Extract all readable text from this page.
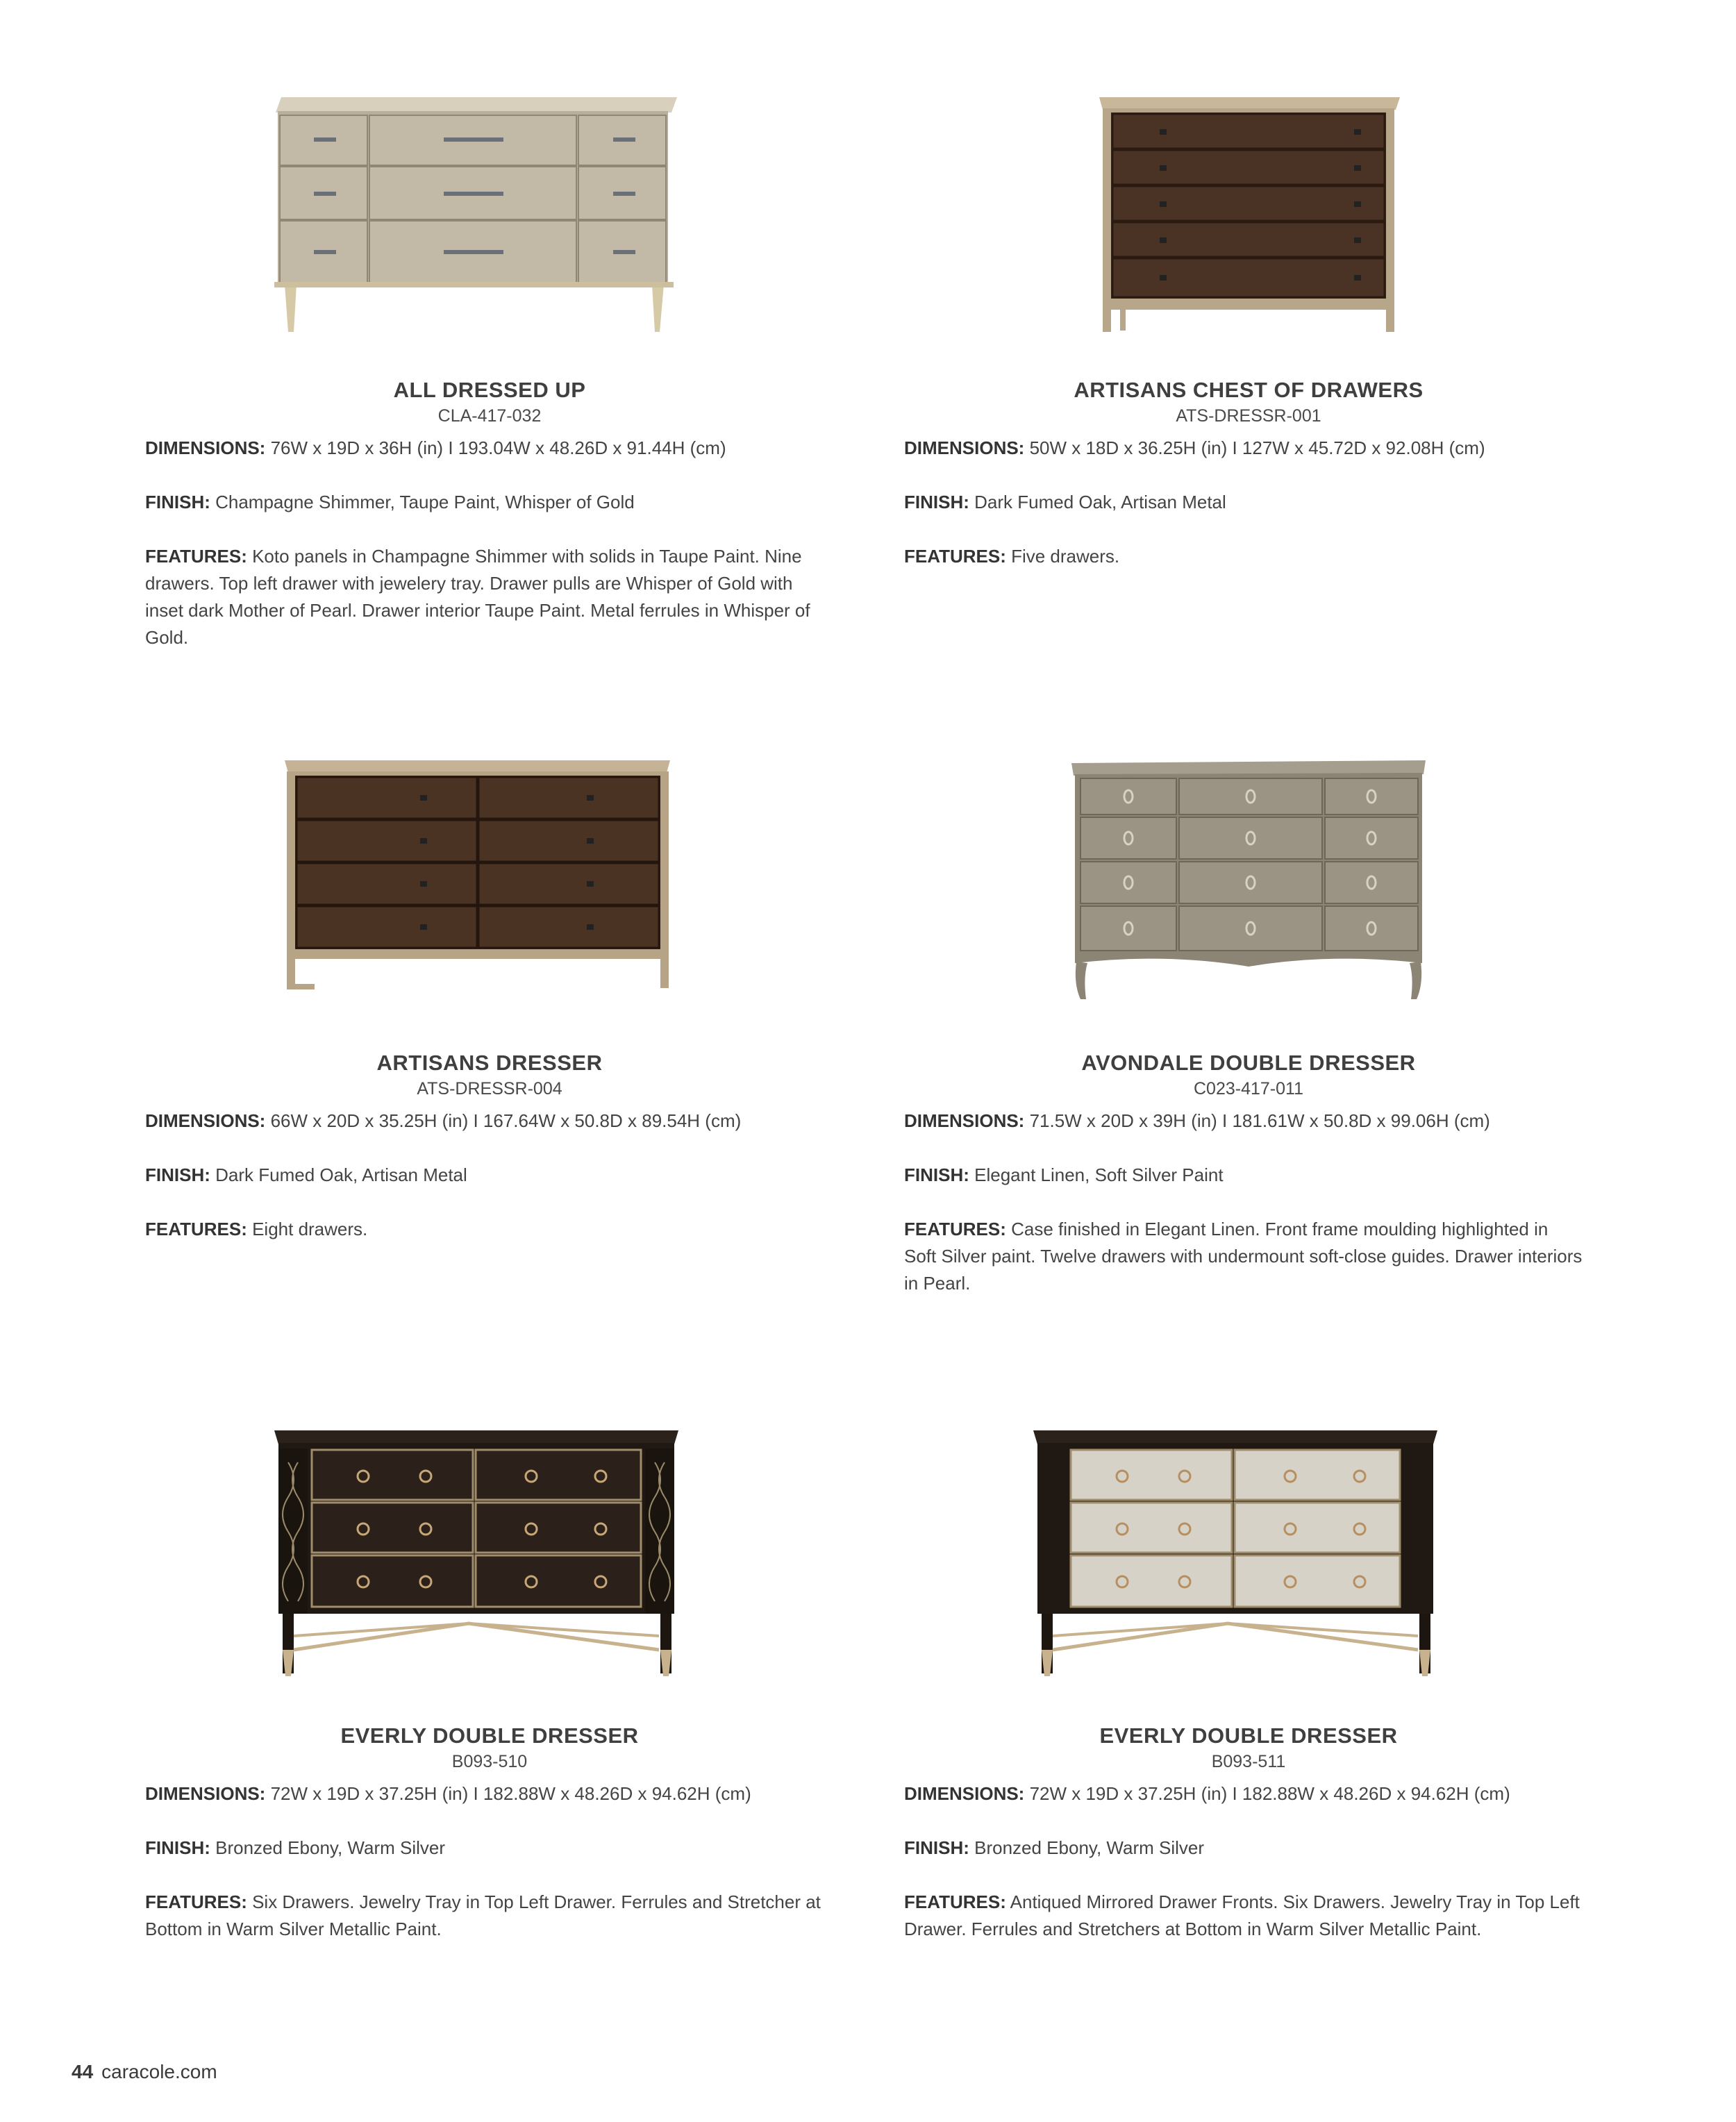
ALL DRESSED UP
CLA-417-032
DIMENSIONS: 76W x 19D x 36H (in) I 193.04W x 48.26D x 91.44H (cm)
FINISH: Champagne Shimmer, Taupe Paint, Whisper of Gold
FEATURES: Koto panels in Champagne Shimmer with solids in Taupe Paint. Nine drawers. Top left drawer with jewelery tray. Drawer pulls are Whisper of Gold with inset dark Mother of Pearl. Drawer interior Taupe Paint. Metal ferrules in Whisper of Gold.
ARTISANS CHEST OF DRAWERS
ATS-DRESSR-001
DIMENSIONS: 50W x 18D x 36.25H (in) I 127W x 45.72D x 92.08H (cm)
FINISH: Dark Fumed Oak, Artisan Metal
FEATURES: Five drawers.
ARTISANS DRESSER
ATS-DRESSR-004
DIMENSIONS: 66W x 20D x 35.25H (in) I 167.64W x 50.8D x 89.54H (cm)
FINISH: Dark Fumed Oak, Artisan Metal
FEATURES: Eight drawers.
AVONDALE DOUBLE DRESSER
C023-417-011
DIMENSIONS: 71.5W x 20D x 39H (in) I 181.61W x 50.8D x 99.06H (cm)
FINISH: Elegant Linen, Soft Silver Paint
FEATURES: Case finished in Elegant Linen. Front frame moulding highlighted in Soft Silver paint. Twelve drawers with undermount soft-close guides. Drawer interiors in Pearl.
EVERLY DOUBLE DRESSER
B093-510
DIMENSIONS: 72W x 19D x 37.25H (in) I 182.88W x 48.26D x 94.62H (cm)
FINISH: Bronzed Ebony, Warm Silver
FEATURES: Six Drawers. Jewelry Tray in Top Left Drawer. Ferrules and Stretcher at Bottom in Warm Silver Metallic Paint.
EVERLY DOUBLE DRESSER
B093-511
DIMENSIONS: 72W x 19D x 37.25H (in) I 182.88W x 48.26D x 94.62H (cm)
FINISH: Bronzed Ebony, Warm Silver
FEATURES: Antiqued Mirrored Drawer Fronts. Six Drawers. Jewelry Tray in Top Left Drawer. Ferrules and Stretchers at Bottom in Warm Silver Metallic Paint.
44 caracole.com
